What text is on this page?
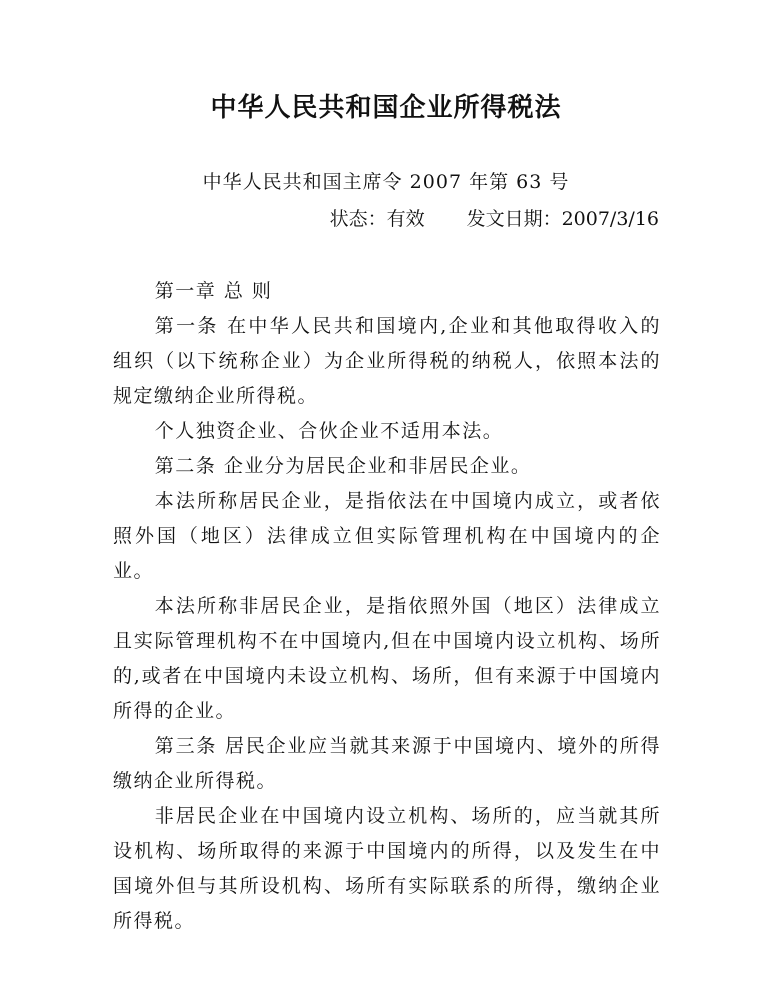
中华人民共和国企业所得税法
中华人民共和国主席令 2007 年第 63 号
状态：有效 发文日期：2007/3/16

第一章 总 则

第一条 在中华人民共和国境内,企业和其他取得收入的组织（以下统称企业）为企业所得税的纳税人，依照本法的规定缴纳企业所得税。

个人独资企业、合伙企业不适用本法。

第二条 企业分为居民企业和非居民企业。

本法所称居民企业，是指依法在中国境内成立，或者依照外国（地区）法律成立但实际管理机构在中国境内的企业。

本法所称非居民企业，是指依照外国（地区）法律成立且实际管理机构不在中国境内,但在中国境内设立机构、场所的,或者在中国境内未设立机构、场所，但有来源于中国境内所得的企业。

第三条 居民企业应当就其来源于中国境内、境外的所得缴纳企业所得税。

非居民企业在中国境内设立机构、场所的，应当就其所设机构、场所取得的来源于中国境内的所得，以及发生在中国境外但与其所设机构、场所有实际联系的所得，缴纳企业所得税。
